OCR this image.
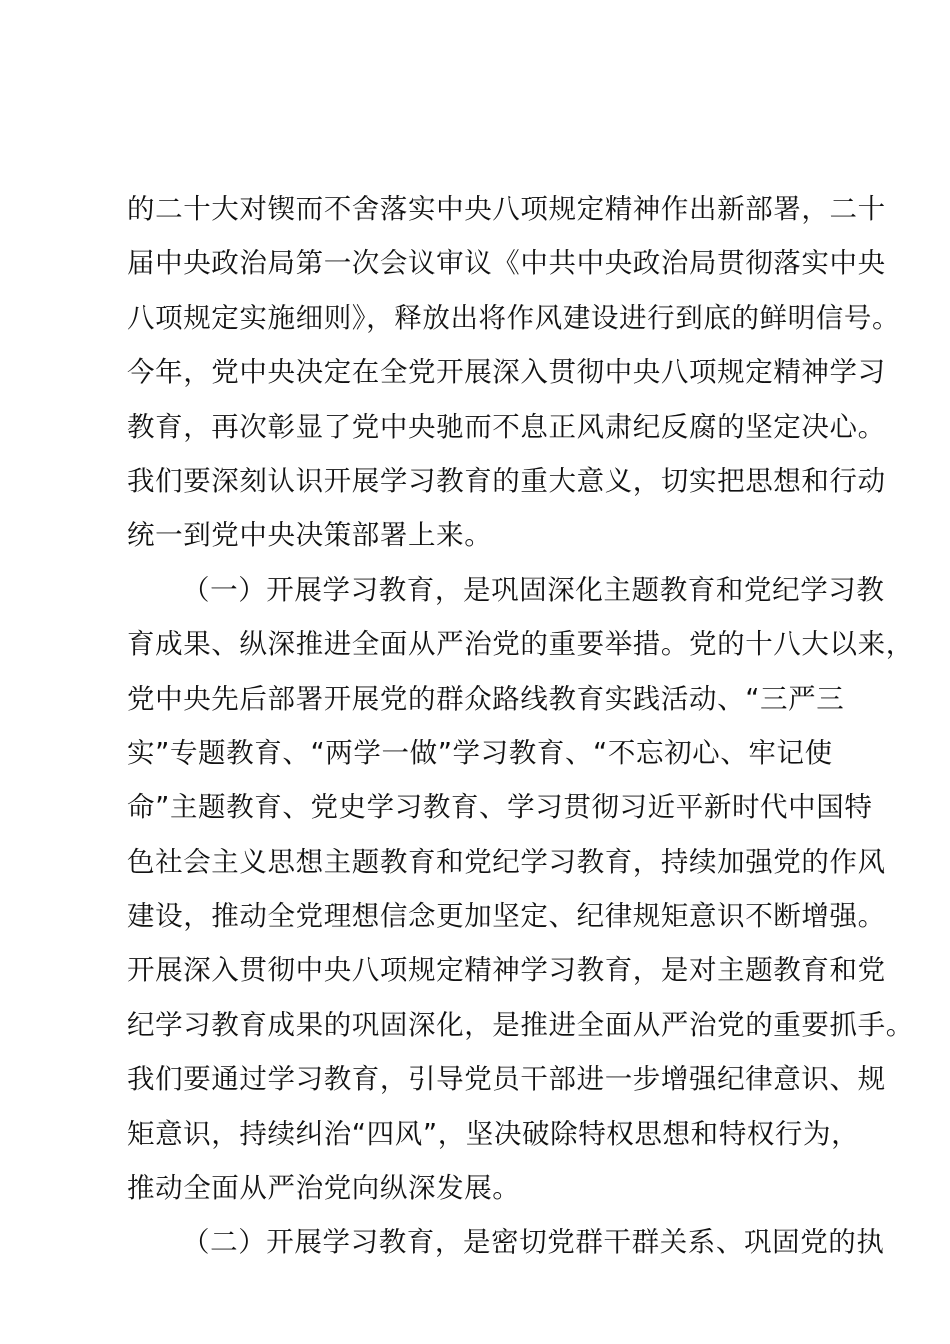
的二十大对锲而不舍落实中央八项规定精神作出新部署，二十
届中央政治局第一次会议审议《中共中央政治局贯彻落实中央
八项规定实施细则》，释放出将作风建设进行到底的鲜明信号。
今年，党中央决定在全党开展深入贯彻中央八项规定精神学习
教育，再次彰显了党中央驰而不息正风肃纪反腐的坚定决心。
我们要深刻认识开展学习教育的重大意义，切实把思想和行动
统一到党中央决策部署上来。
（一）开展学习教育，是巩固深化主题教育和党纪学习教
育成果、纵深推进全面从严治党的重要举措。党的十八大以来，
党中央先后部署开展党的群众路线教育实践活动、“三严三
实”专题教育、“两学一做”学习教育、“不忘初心、牢记使
命”主题教育、党史学习教育、学习贯彻习近平新时代中国特
色社会主义思想主题教育和党纪学习教育，持续加强党的作风
建设，推动全党理想信念更加坚定、纪律规矩意识不断增强。
开展深入贯彻中央八项规定精神学习教育，是对主题教育和党
纪学习教育成果的巩固深化，是推进全面从严治党的重要抓手。
我们要通过学习教育，引导党员干部进一步增强纪律意识、规
矩意识，持续纠治“四风”，坚决破除特权思想和特权行为，
推动全面从严治党向纵深发展。
（二）开展学习教育，是密切党群干群关系、巩固党的执
